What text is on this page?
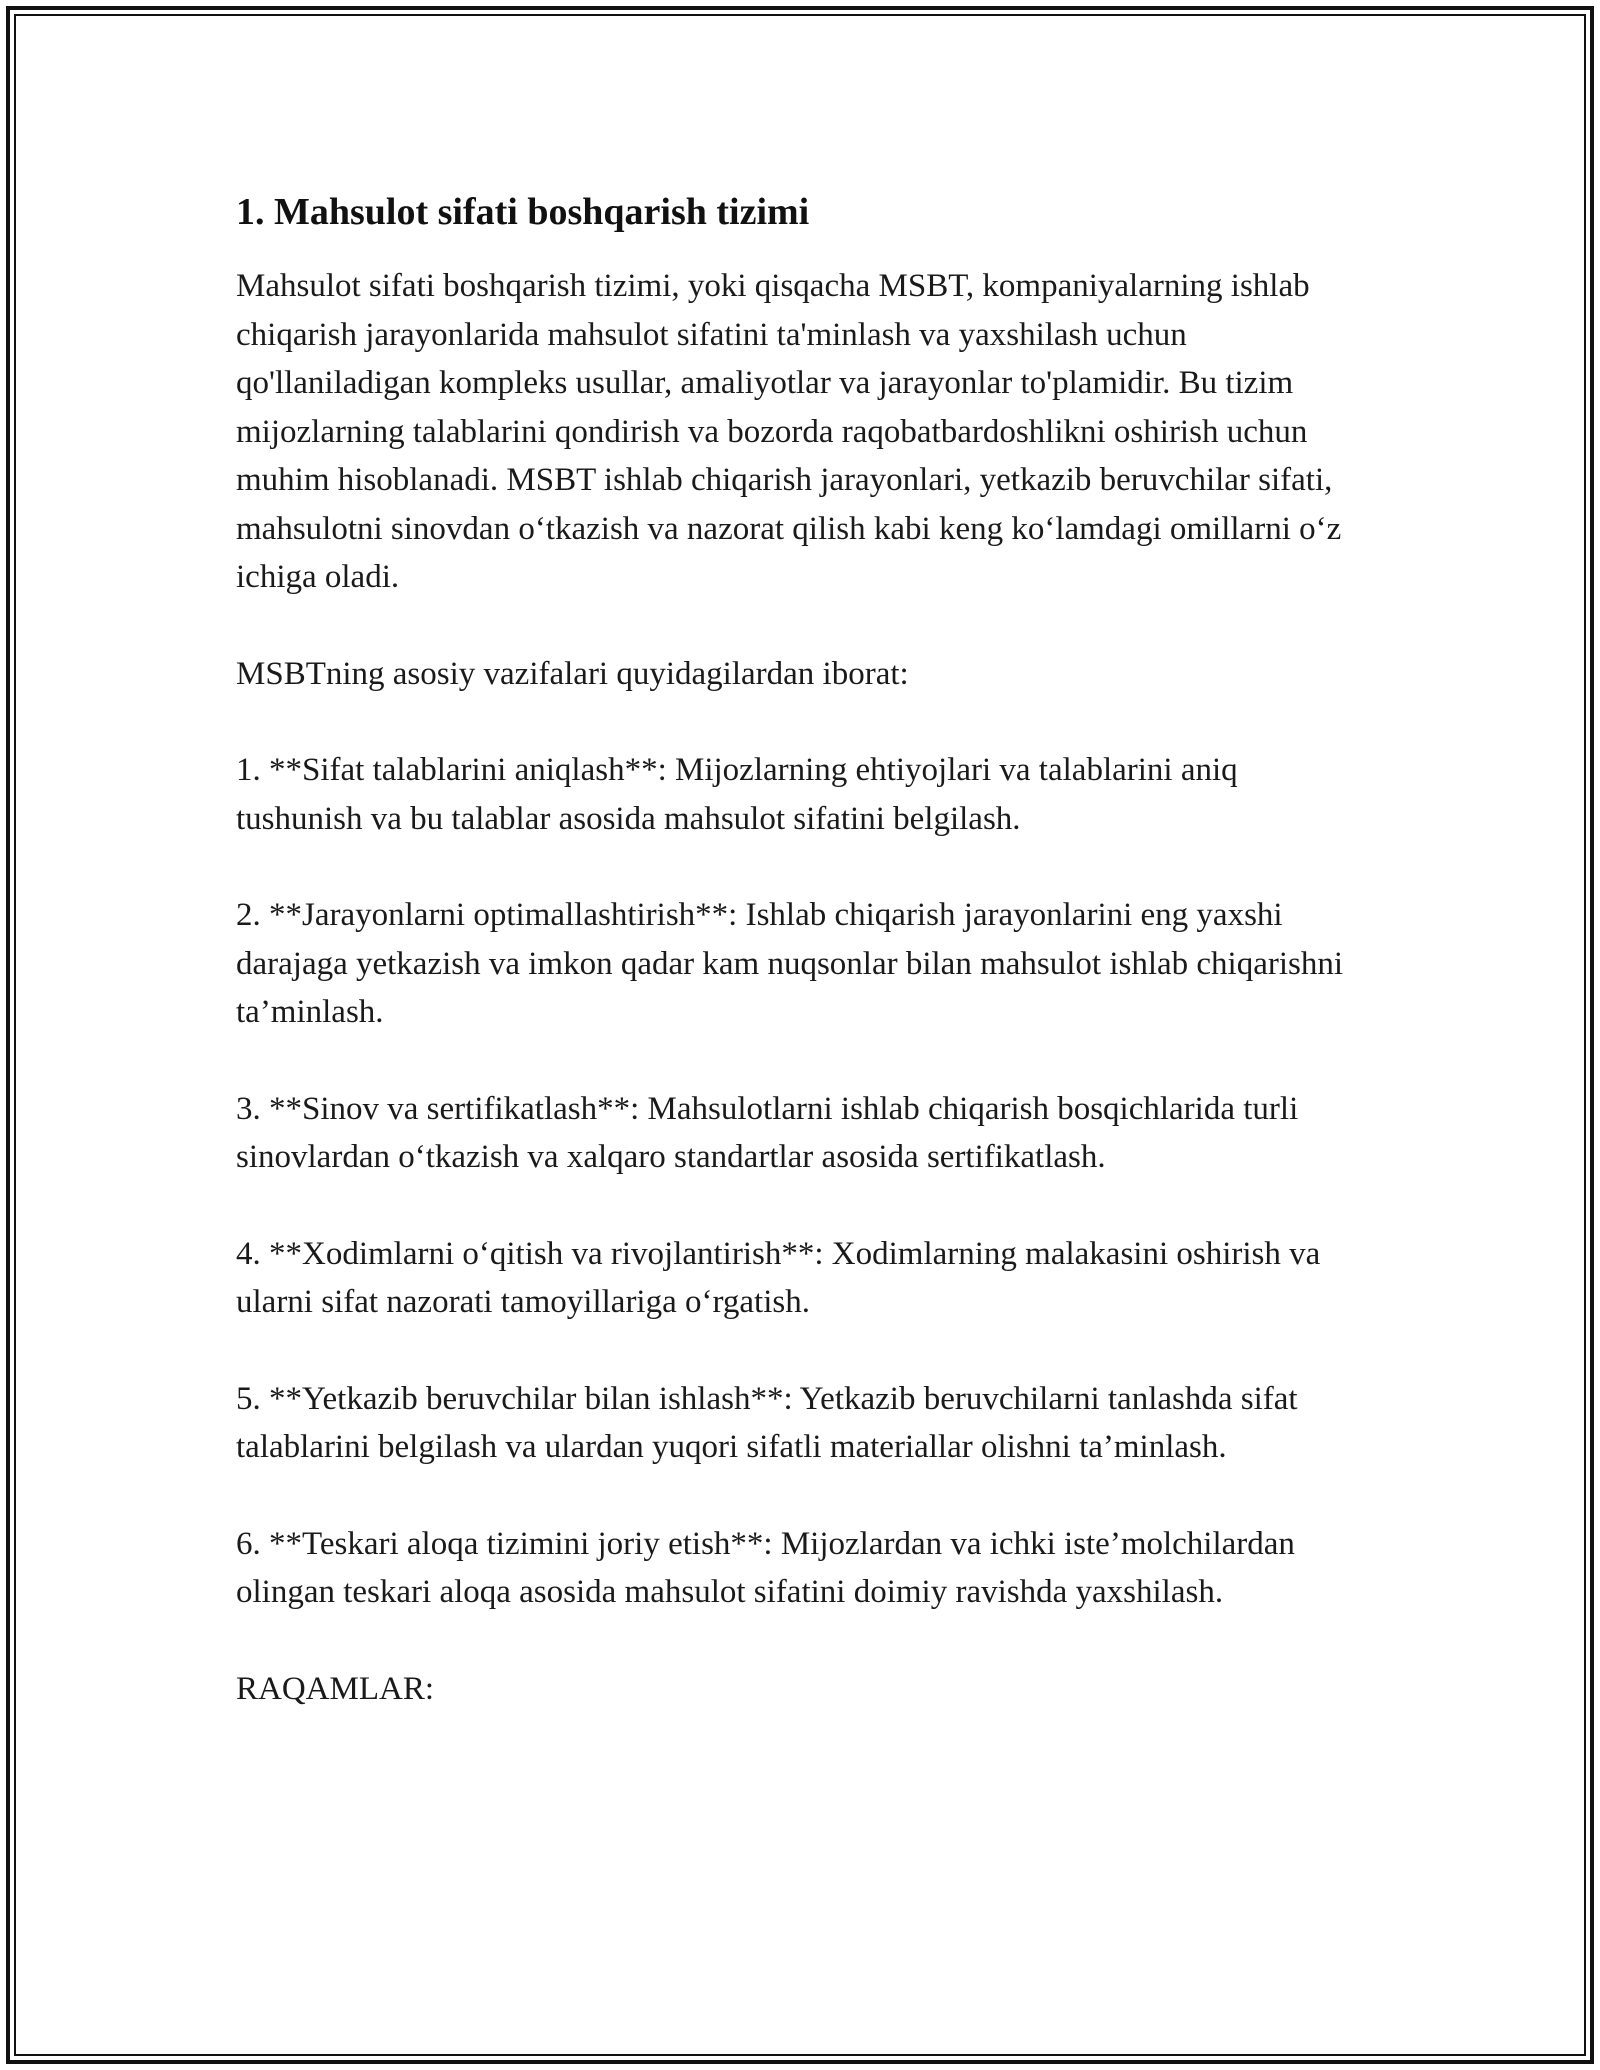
1. Mahsulot sifati boshqarish tizimi

Mahsulot sifati boshqarish tizimi, yoki qisqacha MSBT, kompaniyalarning ishlab chiqarish jarayonlarida mahsulot sifatini ta'minlash va yaxshilash uchun qo'llaniladigan kompleks usullar, amaliyotlar va jarayonlar to'plamidir. Bu tizim mijozlarning talablarini qondirish va bozorda raqobatbardoshlikni oshirish uchun muhim hisoblanadi. MSBT ishlab chiqarish jarayonlari, yetkazib beruvchilar sifati, mahsulotni sinovdan o‘tkazish va nazorat qilish kabi keng ko‘lamdagi omillarni o‘z ichiga oladi.

MSBTning asosiy vazifalari quyidagilardan iborat:

1. **Sifat talablarini aniqlash**: Mijozlarning ehtiyojlari va talablarini aniq tushunish va bu talablar asosida mahsulot sifatini belgilash.

2. **Jarayonlarni optimallashtirish**: Ishlab chiqarish jarayonlarini eng yaxshi darajaga yetkazish va imkon qadar kam nuqsonlar bilan mahsulot ishlab chiqarishni ta’minlash.

3. **Sinov va sertifikatlash**: Mahsulotlarni ishlab chiqarish bosqichlarida turli sinovlardan o‘tkazish va xalqaro standartlar asosida sertifikatlash.

4. **Xodimlarni o‘qitish va rivojlantirish**: Xodimlarning malakasini oshirish va ularni sifat nazorati tamoyillariga o‘rgatish.

5. **Yetkazib beruvchilar bilan ishlash**: Yetkazib beruvchilarni tanlashda sifat talablarini belgilash va ulardan yuqori sifatli materiallar olishni ta’minlash.

6. **Teskari aloqa tizimini joriy etish**: Mijozlardan va ichki iste’molchilardan olingan teskari aloqa asosida mahsulot sifatini doimiy ravishda yaxshilash.

RAQAMLAR:
